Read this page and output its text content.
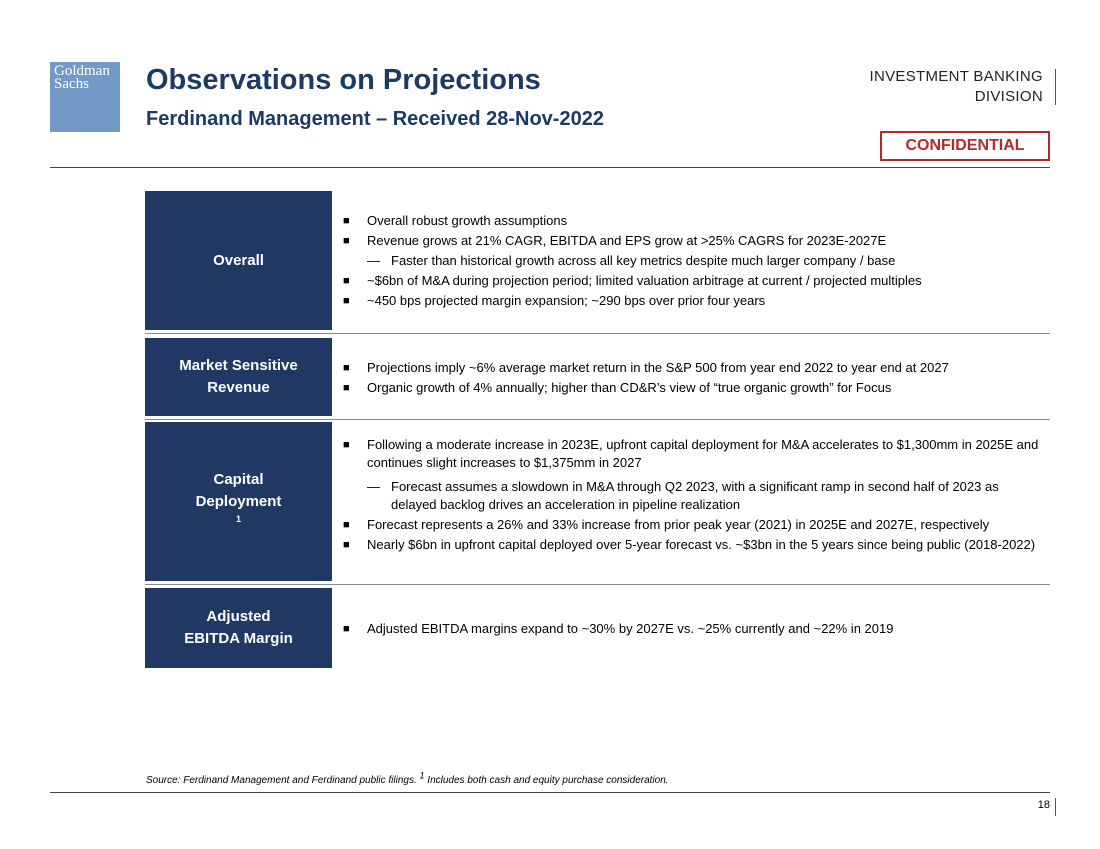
Goldman
Sachs	Observations on Projections
Ferdinand Management – Received 28-Nov-2022
INVESTMENT BANKING
DIVISION
CONFIDENTIAL
Overall
■	Overall robust growth assumptions
■	Revenue grows at 21% CAGR, EBITDA and EPS grow at >25% CAGRS for 2023E-2027E
— Faster than historical growth across all key metrics despite much larger company / base
■	~$6bn of M&A during projection period; limited valuation arbitrage at current / projected multiples
■	~450 bps projected margin expansion; ~290 bps over prior four years
Market Sensitive
Revenue
■	Projections imply ~6% average market return in the S&P 500 from year end 2022 to year end at 2027
■	Organic growth of 4% annually; higher than CD&R’s view of “true organic growth” for Focus
Capital
Deployment
$^1$
■	Following a moderate increase in 2023E, upfront capital deployment for M&A accelerates to $1,300mm in 2025E and continues slight increases to $1,375mm in 2027
— Forecast assumes a slowdown in M&A through Q2 2023, with a significant ramp in second half of 2023 as delayed backlog drives an acceleration in pipeline realization
■	Forecast represents a 26% and 33% increase from prior peak year (2021) in 2025E and 2027E, respectively
■	Nearly $6bn in upfront capital deployed over 5-year forecast vs. ~$3bn in the 5 years since being public (2018-2022)
Adjusted
EBITDA Margin
■	Adjusted EBITDA margins expand to ~30% by 2027E vs. ~25% currently and ~22% in 2019
Source: Ferdinand Management and Ferdinand public filings. $^1$ Includes both cash and equity purchase consideration.
18
